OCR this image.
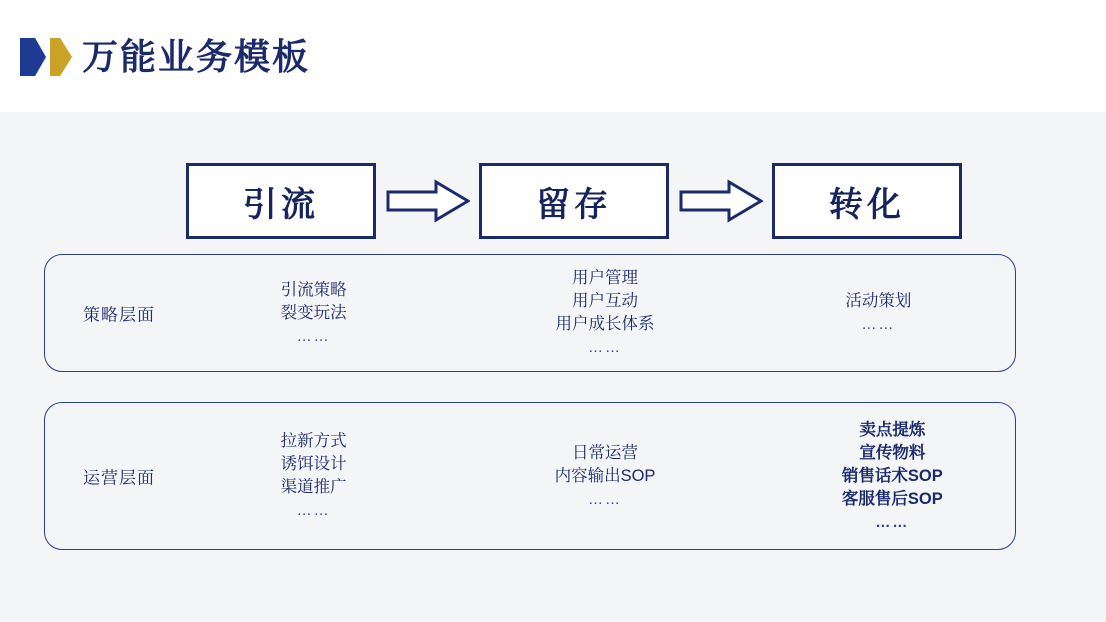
万能业务模板
引流	留存	转化
策略层面
引流策略
裂变玩法
……
用户管理
用户互动
用户成长体系
……
活动策划
……
运营层面
拉新方式
诱饵设计
渠道推广
……
日常运营
内容输出SOP
……
卖点提炼
宣传物料
销售话术SOP
客服售后SOP
……
